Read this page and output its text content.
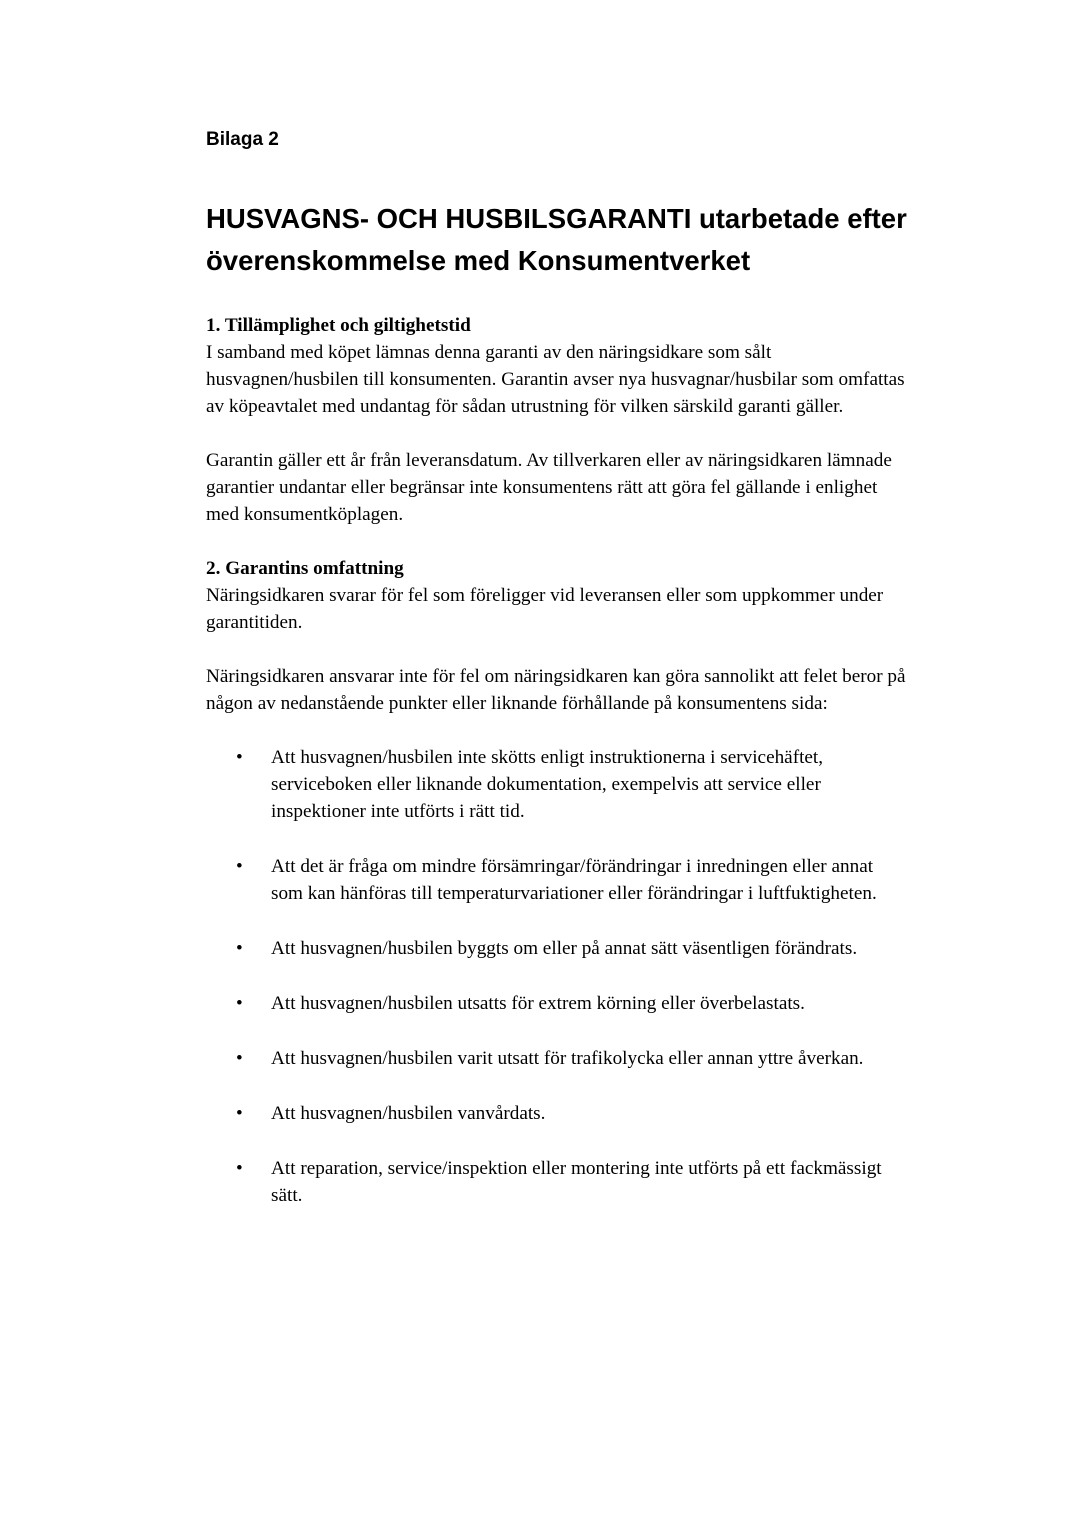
Bilaga 2
HUSVAGNS- OCH HUSBILSGARANTI utarbetade efter överenskommelse med Konsumentverket
1. Tillämplighet och giltighetstid

I samband med köpet lämnas denna garanti av den näringsidkare som sålt husvagnen/husbilen till konsumenten. Garantin avser nya husvagnar/husbilar som omfattas av köpeavtalet med undantag för sådan utrustning för vilken särskild garanti gäller.

Garantin gäller ett år från leveransdatum. Av tillverkaren eller av näringsidkaren lämnade garantier undantar eller begränsar inte konsumentens rätt att göra fel gällande i enlighet med konsumentköplagen.

2. Garantins omfattning

Näringsidkaren svarar för fel som föreligger vid leveransen eller som uppkommer under garantitiden.

Näringsidkaren ansvarar inte för fel om näringsidkaren kan göra sannolikt att felet beror på någon av nedanstående punkter eller liknande förhållande på konsumentens sida:

• Att husvagnen/husbilen inte skötts enligt instruktionerna i servicehäftet, serviceboken eller liknande dokumentation, exempelvis att service eller inspektioner inte utförts i rätt tid.
• Att det är fråga om mindre försämringar/förändringar i inredningen eller annat som kan hänföras till temperaturvariationer eller förändringar i luftfuktigheten.
• Att husvagnen/husbilen byggts om eller på annat sätt väsentligen förändrats.
• Att husvagnen/husbilen utsatts för extrem körning eller överbelastats.
• Att husvagnen/husbilen varit utsatt för trafikolycka eller annan yttre åverkan.
• Att husvagnen/husbilen vanvårdats.
• Att reparation, service/inspektion eller montering inte utförts på ett fackmässigt sätt.
